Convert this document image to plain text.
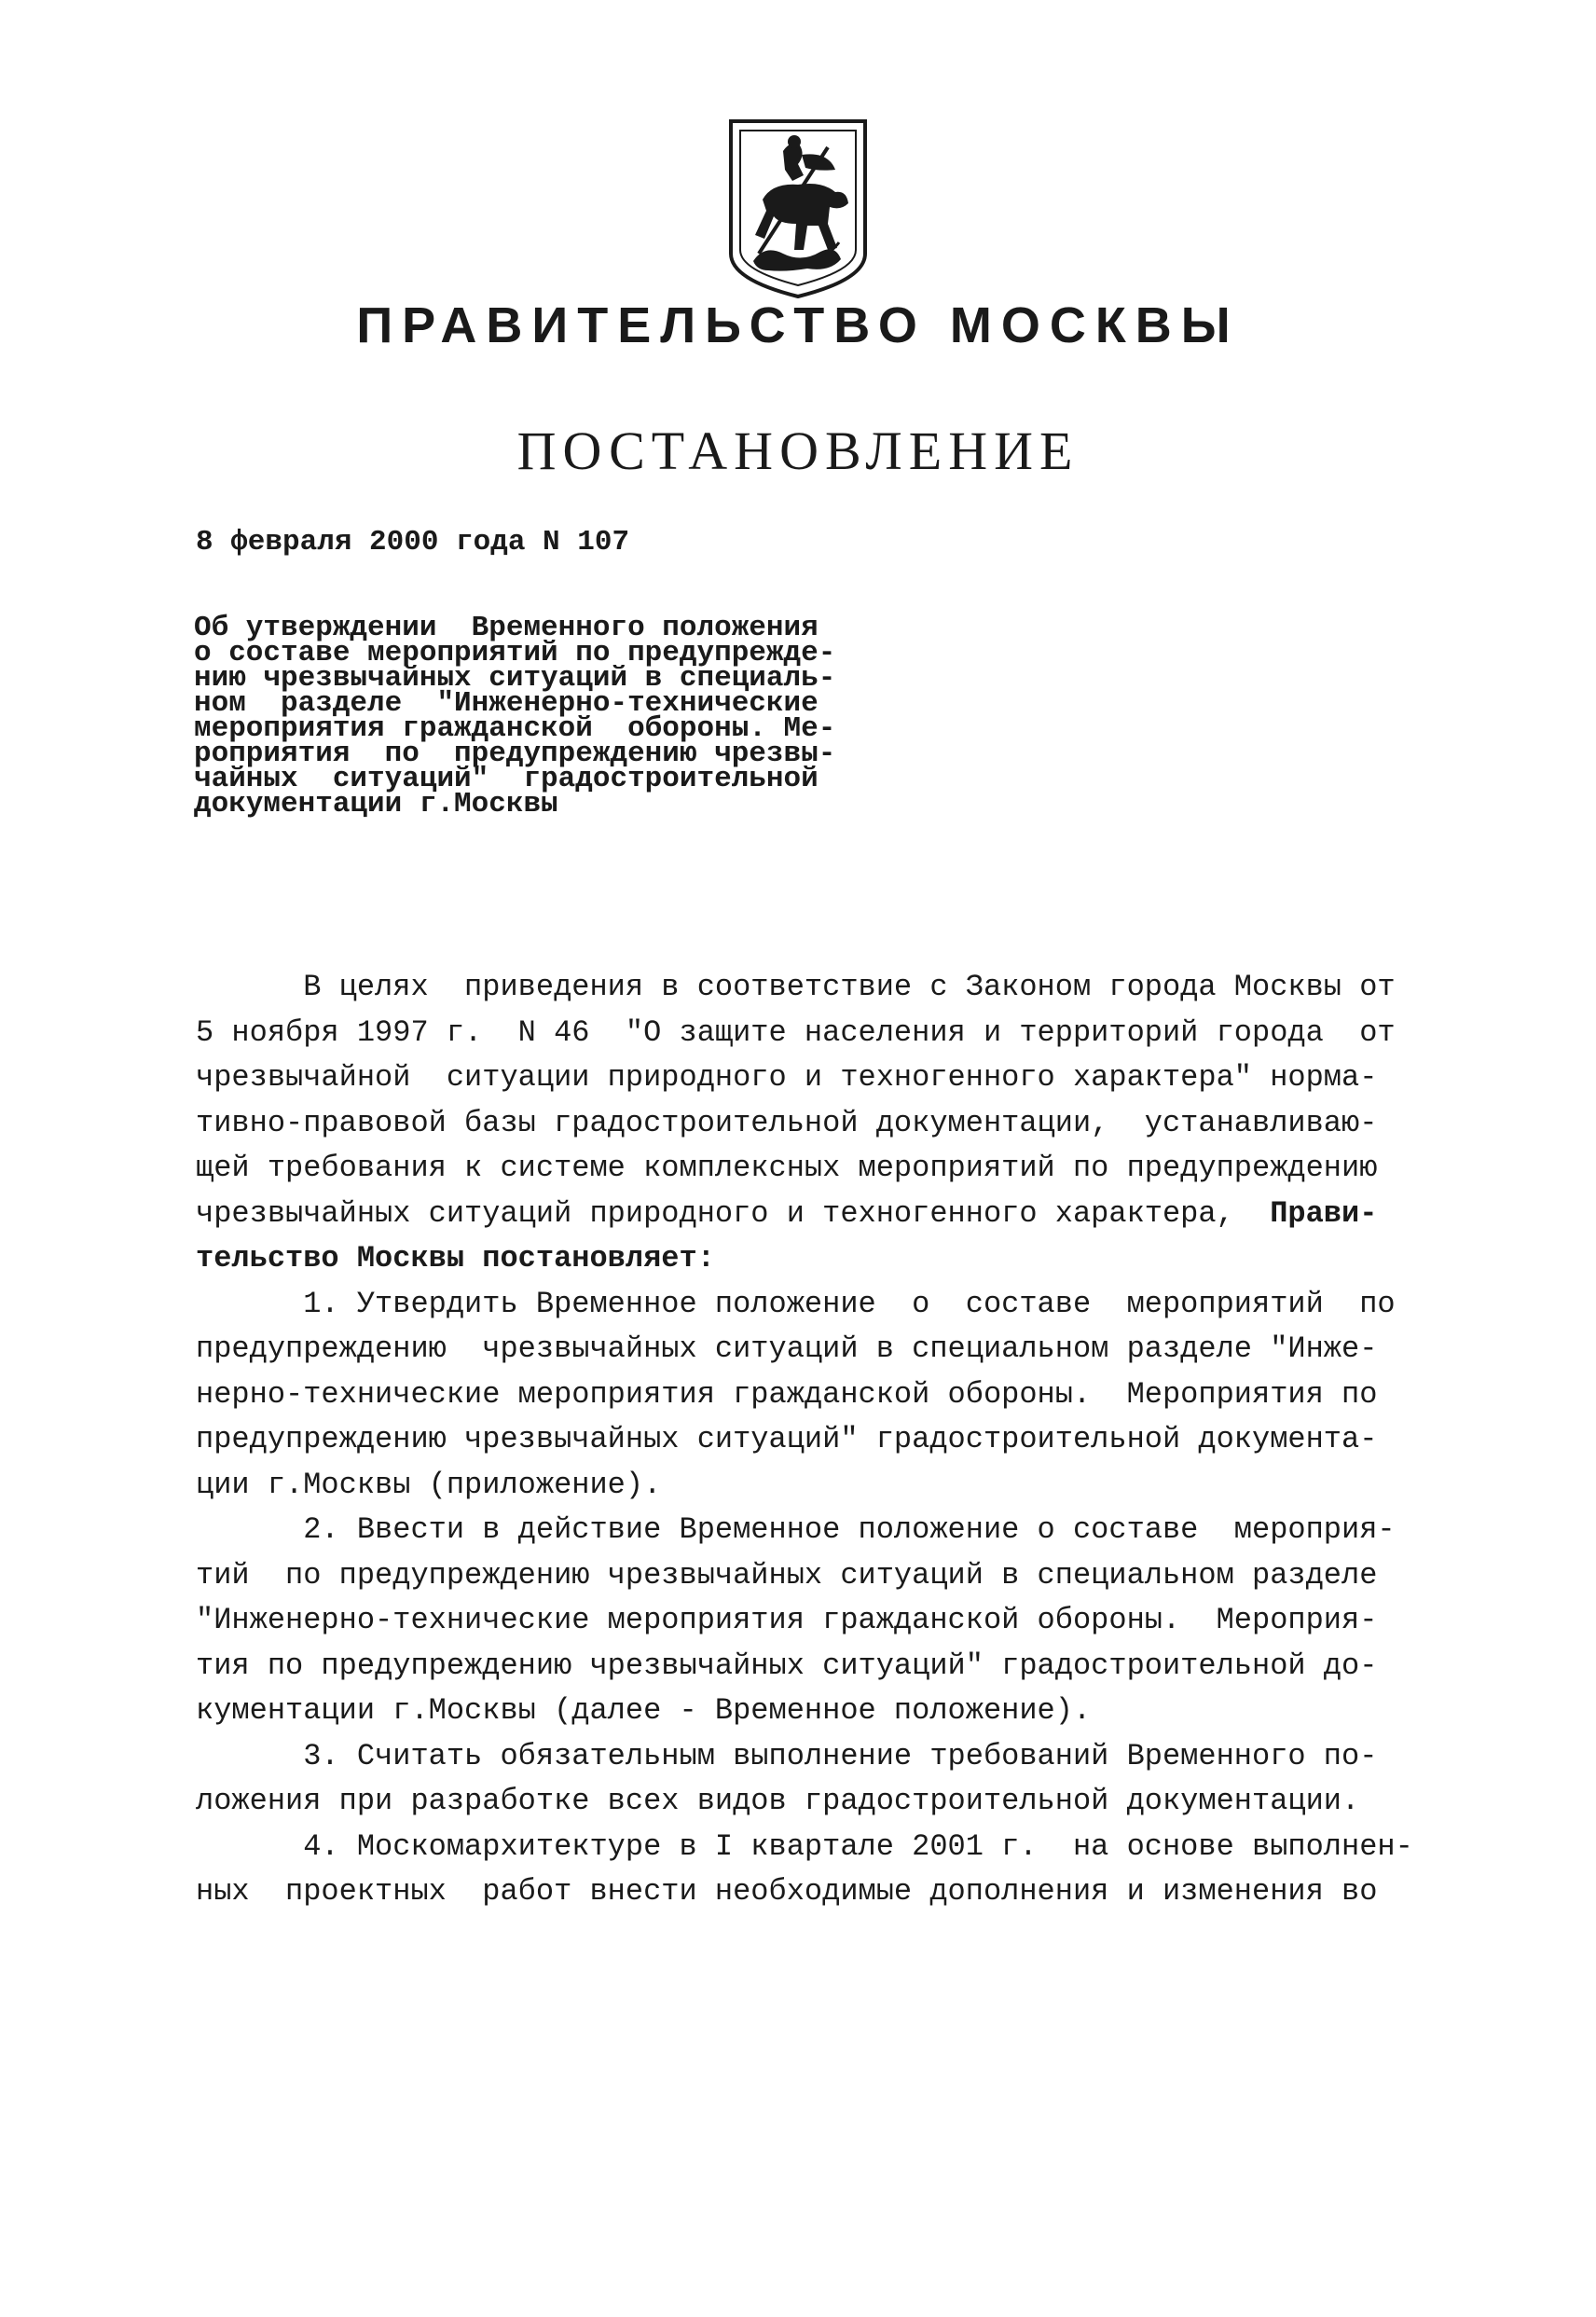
ПРАВИТЕЛЬСТВО МОСКВЫ
ПОСТАНОВЛЕНИЕ

8 февраля 2000 года N 107

Об утверждении  Временного положения
о составе мероприятий по предупрежде-
нию чрезвычайных ситуаций в специаль-
ном  разделе  "Инженерно-технические
мероприятия гражданской  обороны. Ме-
роприятия  по  предупреждению чрезвы-
чайных  ситуаций"  градостроительной
документации г.Москвы
В целях  приведения в соответствие с Законом города Москвы от
5 ноября 1997 г.  N 46  "О защите населения и территорий города  от
чрезвычайной  ситуации природного и техногенного характера" норма-
тивно-правовой базы градостроительной документации,  устанавливаю-
щей требования к системе комплексных мероприятий по предупреждению
чрезвычайных ситуаций природного и техногенного характера,  Прави-
тельство Москвы постановляет:
1. Утвердить Временное положение  о  составе  мероприятий  по
предупреждению  чрезвычайных ситуаций в специальном разделе "Инже-
нерно-технические мероприятия гражданской обороны.  Мероприятия по
предупреждению чрезвычайных ситуаций" градостроительной документа-
ции г.Москвы (приложение).
2. Ввести в действие Временное положение о составе  мероприя-
тий  по предупреждению чрезвычайных ситуаций в специальном разделе
"Инженерно-технические мероприятия гражданской обороны.  Мероприя-
тия по предупреждению чрезвычайных ситуаций" градостроительной до-
кументации г.Москвы (далее - Временное положение).
3. Считать обязательным выполнение требований Временного по-
ложения при разработке всех видов градостроительной документации.
4. Москомархитектуре в I квартале 2001 г.  на основе выполнен-
ных  проектных  работ внести необходимые дополнения и изменения во
